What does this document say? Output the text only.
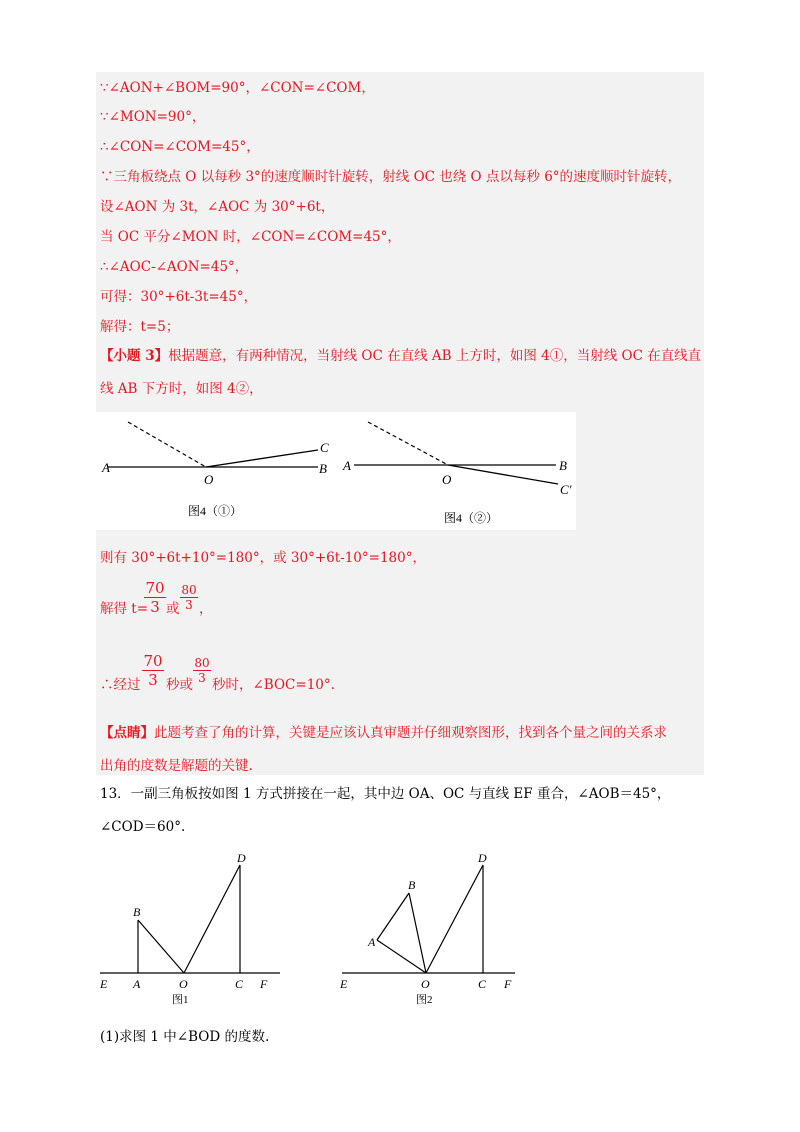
∵∠AON+∠BOM=90°，∠CON=∠COM，
∵∠MON=90°，
∴∠CON=∠COM=45°，
∵三角板绕点 O 以每秒 3°的速度顺时针旋转，射线 OC 也绕 O 点以每秒 6°的速度顺时针旋转，
设∠AON 为 3t，∠AOC 为 30°+6t，
当 OC 平分∠MON 时，∠CON=∠COM=45°，
∴∠AOC-∠AON=45°，
可得：30°+6t-3t=45°，
解得：t=5；
【小题 3】根据题意，有两种情况，当射线 OC 在直线 AB 上方时，如图 4①，当射线 OC 在直线直
线 AB 下方时，如图 4②，
A
O
B
C
图4（①）
A
O
B
C'
图4（②）
则有 30°+6t+10°=180°，或 30°+6t-10°=180°，
解得 t=
70
3 或
80
3 ，
∴经过
70
3 秒或
80
3 秒时，∠BOC=10°.
【点睛】此题考查了角的计算，关键是应该认真审题并仔细观察图形，找到各个量之间的关系求
出角的度数是解题的关键.
13．一副三角板按如图 1 方式拼接在一起，其中边 OA、OC 与直线 EF 重合，∠AOB＝45°，
∠COD＝60°.
E A	O	C F
B
D
图1
E	O	C F
A
B
D
图2
(1)求图 1 中∠BOD 的度数.
